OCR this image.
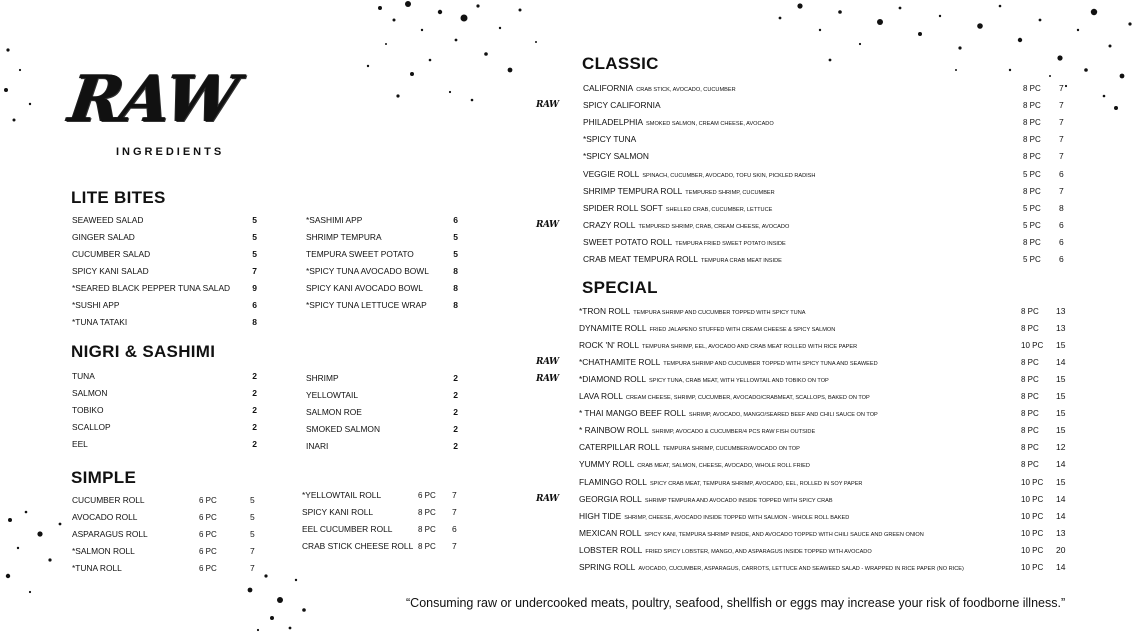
RAW
INGREDIENTS
LITE BITES
NIGRI & SASHIMI
SIMPLE
CLASSIC
SPECIAL
SEAWEED SALAD	5
GINGER SALAD	5
CUCUMBER SALAD	5
SPICY KANI SALAD	7
*SEARED BLACK PEPPER TUNA SALAD	9
*SUSHI APP	6
*TUNA TATAKI	8
*SASHIMI APP	6
SHRIMP TEMPURA	5
TEMPURA SWEET POTATO	5
*SPICY TUNA AVOCADO BOWL	8
SPICY KANI AVOCADO BOWL	8
*SPICY TUNA LETTUCE WRAP	8
TUNA	2
SALMON	2
TOBIKO	2
SCALLOP	2
EEL	2
SHRIMP	2
YELLOWTAIL	2
SALMON ROE	2
SMOKED SALMON	2
INARI	2
CUCUMBER ROLL	6 PC	5
AVOCADO ROLL	6 PC	5
ASPARAGUS ROLL	6 PC	5
*SALMON ROLL	6 PC	7
*TUNA ROLL	6 PC	7
*YELLOWTAIL ROLL	6 PC 7
SPICY KANI ROLL	8 PC 7
EEL CUCUMBER ROLL	8 PC 6
CRAB STICK CHEESE ROLL 8 PC 7
CALIFORNIA CRAB STICK, AVOCADO, CUCUMBER	8 PC 7
RAW	SPICY CALIFORNIA	8 PC 7
PHILADELPHIA SMOKED SALMON, CREAM CHEESE, AVOCADO	8 PC 7
*SPICY TUNA	8 PC 7
*SPICY SALMON	8 PC 7
VEGGIE ROLL SPINACH, CUCUMBER, AVOCADO, TOFU SKIN, PICKLED RADISH	5 PC 6
SHRIMP TEMPURA ROLL TEMPURED SHRIMP, CUCUMBER	8 PC 7
SPIDER ROLL SOFT SHELLED CRAB, CUCUMBER, LETTUCE	5 PC 8
RAW	CRAZY ROLL TEMPURED SHRIMP, CRAB, CREAM CHEESE, AVOCADO	5 PC 6
SWEET POTATO ROLL TEMPURA FRIED SWEET POTATO INSIDE	8 PC 6
CRAB MEAT TEMPURA ROLL TEMPURA CRAB MEAT INSIDE	5 PC 6
*TRON ROLL TEMPURA SHRIMP AND CUCUMBER TOPPED WITH SPICY TUNA	8 PC 13
DYNAMITE ROLL FRIED JALAPENO STUFFED WITH CREAM CHEESE & SPICY SALMON	8 PC 13
ROCK 'N' ROLL TEMPURA SHRIMP, EEL, AVOCADO AND CRAB MEAT ROLLED WITH RICE PAPER	10 PC 15
RAW *CHATHAMITE ROLL TEMPURA SHRIMP AND CUCUMBER TOPPED WITH SPICY TUNA AND SEAWEED	8 PC 14
RAW *DIAMOND ROLL SPICY TUNA, CRAB MEAT, WITH YELLOWTAIL AND TOBIKO ON TOP	8 PC 15
LAVA ROLL CREAM CHEESE, SHRIMP, CUCUMBER, AVOCADO/CRABMEAT, SCALLOPS, BAKED ON TOP	8 PC 15
* THAI MANGO BEEF ROLL SHRIMP, AVOCADO, MANGO/SEARED BEEF AND CHILI SAUCE ON TOP	8 PC 15
* RAINBOW ROLL SHRIMP, AVOCADO & CUCUMBER/4 PCS RAW FISH OUTSIDE	8 PC 15
CATERPILLAR ROLL TEMPURA SHRIMP, CUCUMBER/AVOCADO ON TOP	8 PC 12
YUMMY ROLL CRAB MEAT, SALMON, CHEESE, AVOCADO, WHOLE ROLL FRIED	8 PC 14
FLAMINGO ROLL SPICY CRAB MEAT, TEMPURA SHRIMP, AVOCADO, EEL, ROLLED IN SOY PAPER	10 PC 15
RAW GEORGIA ROLL SHRIMP TEMPURA AND AVOCADO INSIDE TOPPED WITH SPICY CRAB	10 PC 14
HIGH TIDE SHRIMP, CHEESE, AVOCADO INSIDE TOPPED WITH SALMON - WHOLE ROLL BAKED	10 PC 14
MEXICAN ROLL SPICY KANI, TEMPURA SHRIMP INSIDE, AND AVOCADO TOPPED WITH CHILI SAUCE AND GREEN ONION	10 PC 13
LOBSTER ROLL FRIED SPICY LOBSTER, MANGO, AND ASPARAGUS INSIDE TOPPED WITH AVOCADO	10 PC 20
SPRING ROLL AVOCADO, CUCUMBER, ASPARAGUS, CARROTS, LETTUCE AND SEAWEED SALAD - WRAPPED IN RICE PAPER (NO RICE)	10 PC 14
“Consuming raw or undercooked meats, poultry, seafood, shellfish or eggs may increase your risk of foodborne illness.”
